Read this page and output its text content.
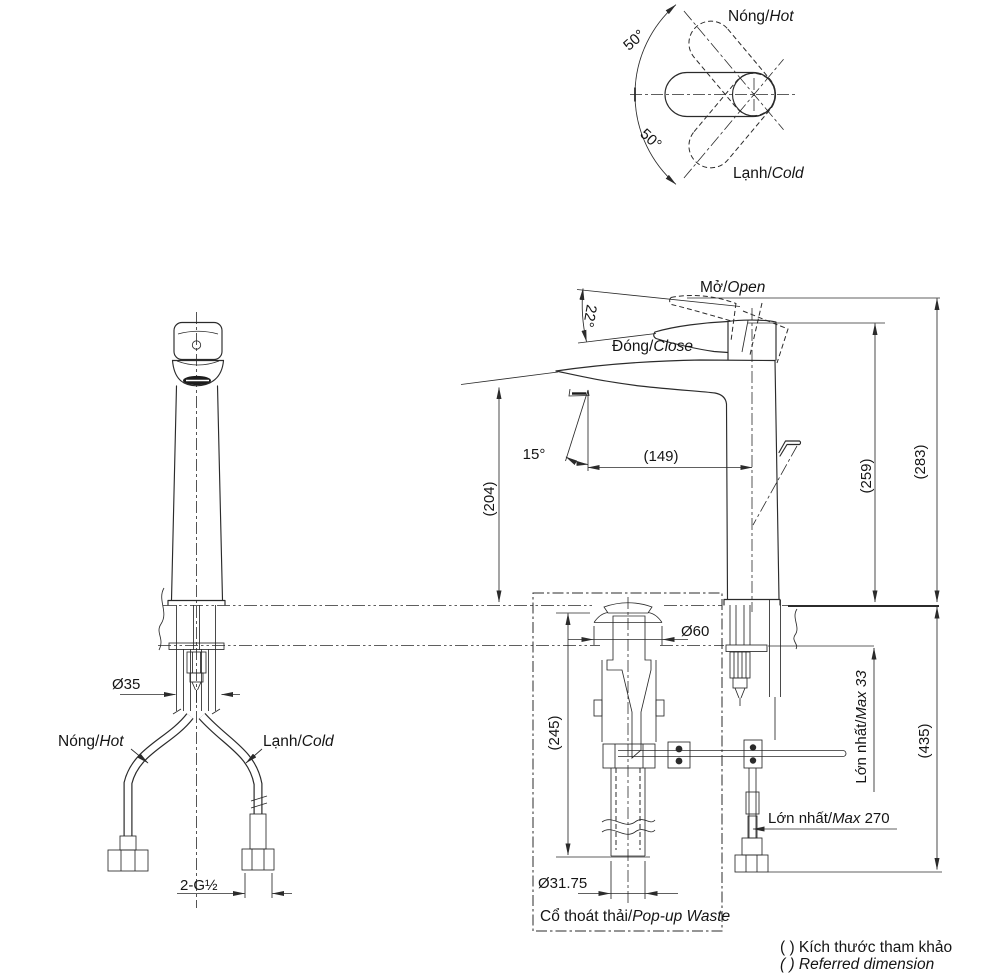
50°
50°
Nóng/Hot
Lạnh/Cold
Nóng/Hot	Lạnh/Cold
Ø35
2-G½
22°
Mở/Open
Đóng/Close
15°
Cổ thoát thải/Pop-up Waste
(149)
(204)
(259) (283)
Lớn nhất/Max 33
(435)
Lớn nhất/Max 270
(245)
Ø60
Ø31.75
( ) Kích thước tham khảo
( ) Referred dimension
